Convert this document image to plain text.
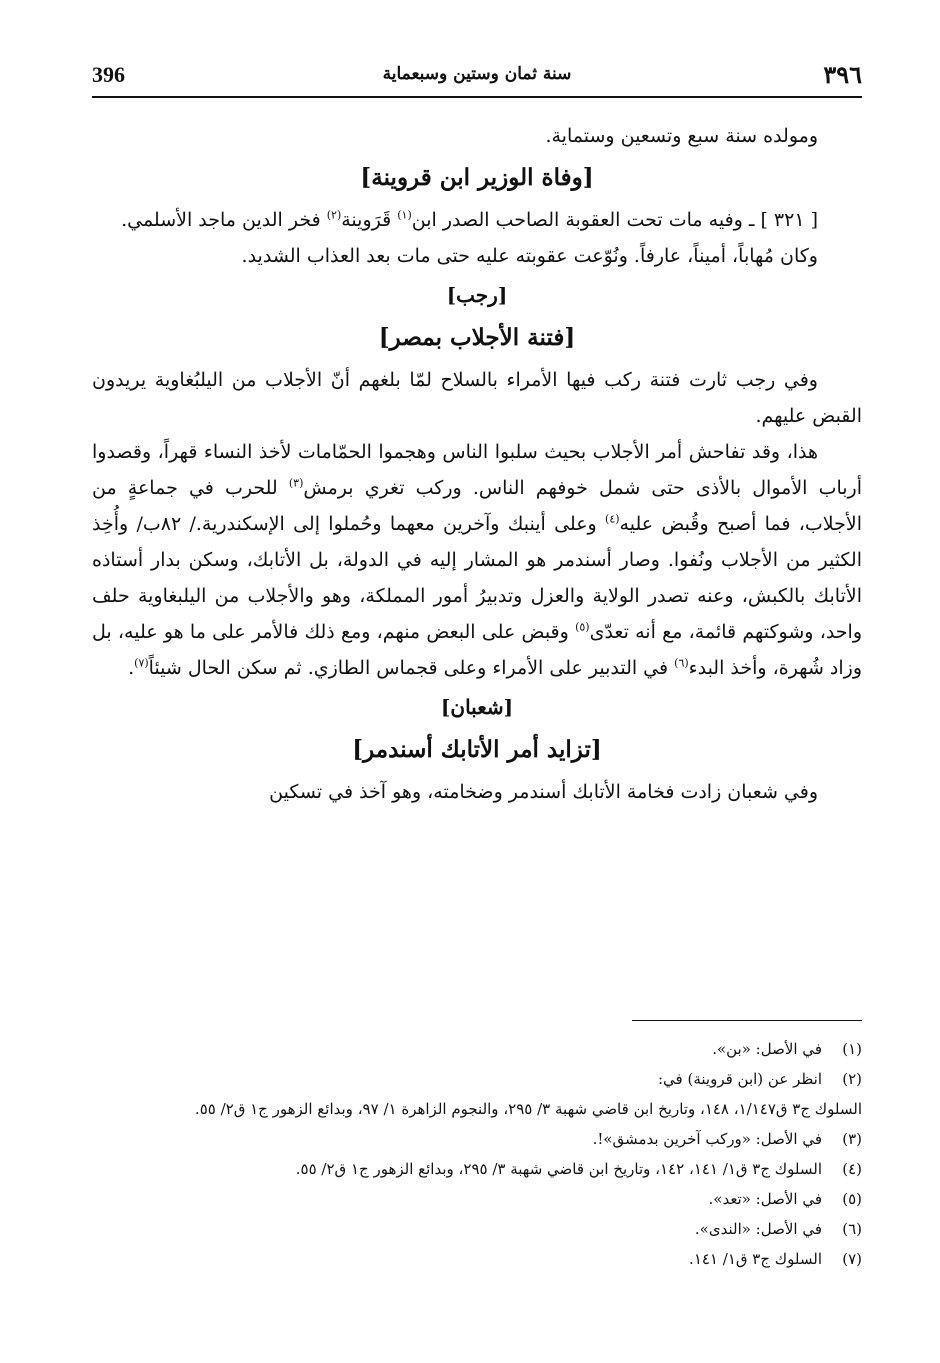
396	سنة ثمان وستين وسبعماية	٣٩٦

ومولده سنة سبع وتسعين وستماية.

[وفاة الوزير ابن قروينة]

[ ٣٢١ ] ـ وفيه مات تحت العقوبة الصاحب الصدر ابن$^{(١)}$ قَرَوينة$^{(٢)}$ فخر الدين ماجد الأسلمي.

وكان مُهاباً، أميناً، عارفاً. ونُوّعت عقوبته عليه حتى مات بعد العذاب الشديد.

[رجب]
[فتنة الأجلاب بمصر]

وفي رجب ثارت فتنة ركب فيها الأمراء بالسلاح لمّا بلغهم أنّ الأجلاب من اليلبُغاوية يريدون القبض عليهم.

هذا، وقد تفاحش أمر الأجلاب بحيث سلبوا الناس وهجموا الحمّامات لأخذ النساء قهراً، وقصدوا أرباب الأموال بالأذى حتى شمل خوفهم الناس. وركب تغري برمش$^{(٣)}$ للحرب في جماعةٍ من الأجلاب، فما أصبح وقُبض عليه$^{(٤)}$ وعلى أينبك وآخرين معهما وحُملوا إلى الإسكندرية./ ٨٢ب/ وأُخِذ الكثير من الأجلاب ونُفوا. وصار أسندمر هو المشار إليه في الدولة، بل الأتابك، وسكن بدار أستاذه الأتابك بالكبش، وعنه تصدر الولاية والعزل وتدبيرُ أمور المملكة، وهو والأجلاب من اليلبغاوية حلف واحد، وشوكتهم قائمة، مع أنه تعدّى$^{(٥)}$ وقبض على البعض منهم، ومع ذلك فالأمر على ما هو عليه، بل وزاد شُهرة، وأخذ البدء$^{(٦)}$ في التدبير على الأمراء وعلى قجماس الطازي. ثم سكن الحال شيئاً$^{(٧)}$.

[شعبان]
[تزايد أمر الأتابك أسندمر]

وفي شعبان زادت فخامة الأتابك أسندمر وضخامته، وهو آخذ في تسكين

(١)في الأصل: «بن».
(٢)انظر عن (ابن قروينة) في:
السلوك ج٣ ق١/١٤٧، ١٤٨، وتاريخ ابن قاضي شهبة ٣/ ٢٩٥، والنجوم الزاهرة ١/ ٩٧، وبدائع الزهور ج١ ق٢/ ٥٥.
(٣)في الأصل: «وركب آخرين بدمشق»!.
(٤)السلوك ج٣ ق١/ ١٤١، ١٤٢، وتاريخ ابن قاضي شهبة ٣/ ٢٩٥، وبدائع الزهور ج١ ق٢/ ٥٥.
(٥)في الأصل: «تعد».
(٦)في الأصل: «الندى».
(٧)السلوك ج٣ ق١/ ١٤١.
